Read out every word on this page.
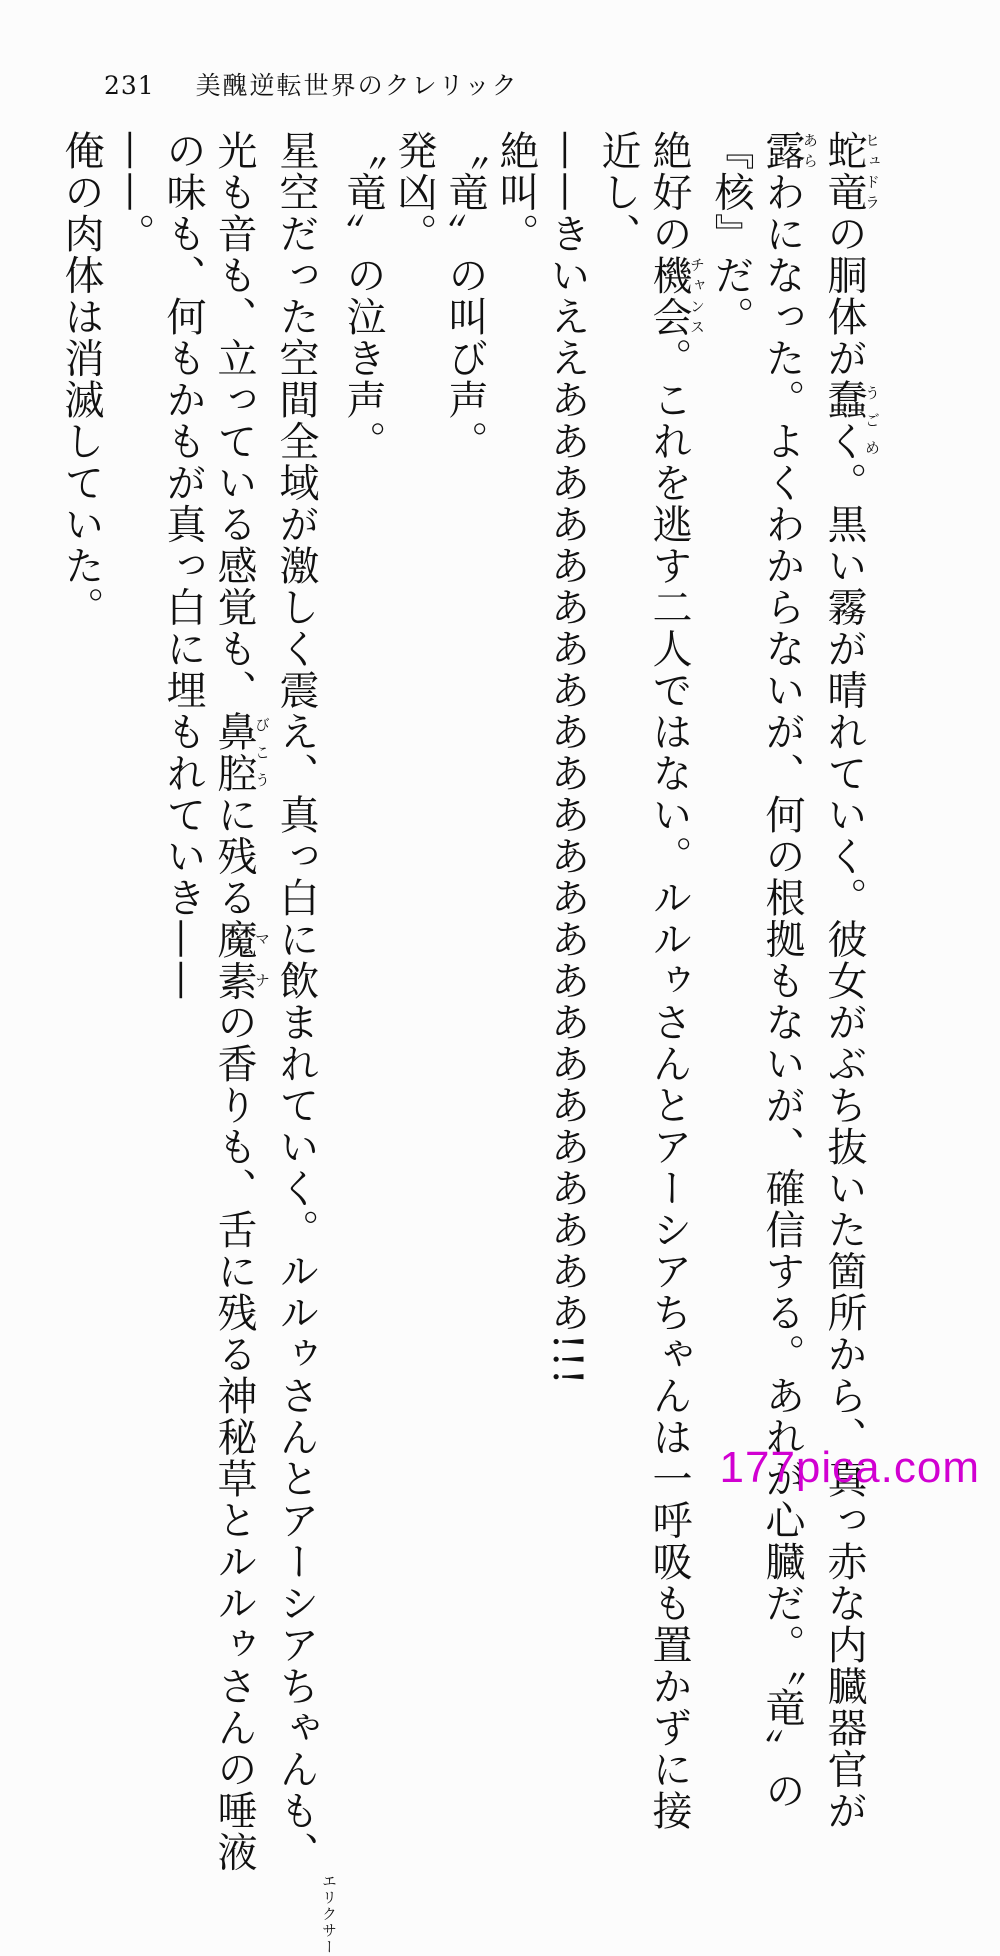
231 美醜逆転世界のクレリック
蛇竜ヒュドラの胴体が蠢くうごめ。黒い霧が晴れていく。彼女がぶち抜いた箇所から、真っ赤な内臓器官が
露あらわになった。よくわからないが、何の根拠もないが、確信する。あれが心臓だ。〝竜〟の
『核』だ。
絶好の機会チャンス。これを逃す二人ではない。ルルゥさんとアーシアちゃんは一呼吸も置かずに接
近し、
——きいええあああああああああああああああああああああああ!!!
絶叫。
〝竜〟の叫び声。
発凶。
〝竜〟の泣き声。
星空だった空間全域が激しく震え、真っ白に飲まれていく。ルルゥさんとアーシアちゃんも、エリクサー
光も音も、立っている感覚も、鼻腔びこうに残る魔素マナの香りも、舌に残る神秘草とルルゥさんの唾液
の味も、何もかもが真っ白に埋もれていき——
——。
俺の肉体は消滅していた。
177pica.com
